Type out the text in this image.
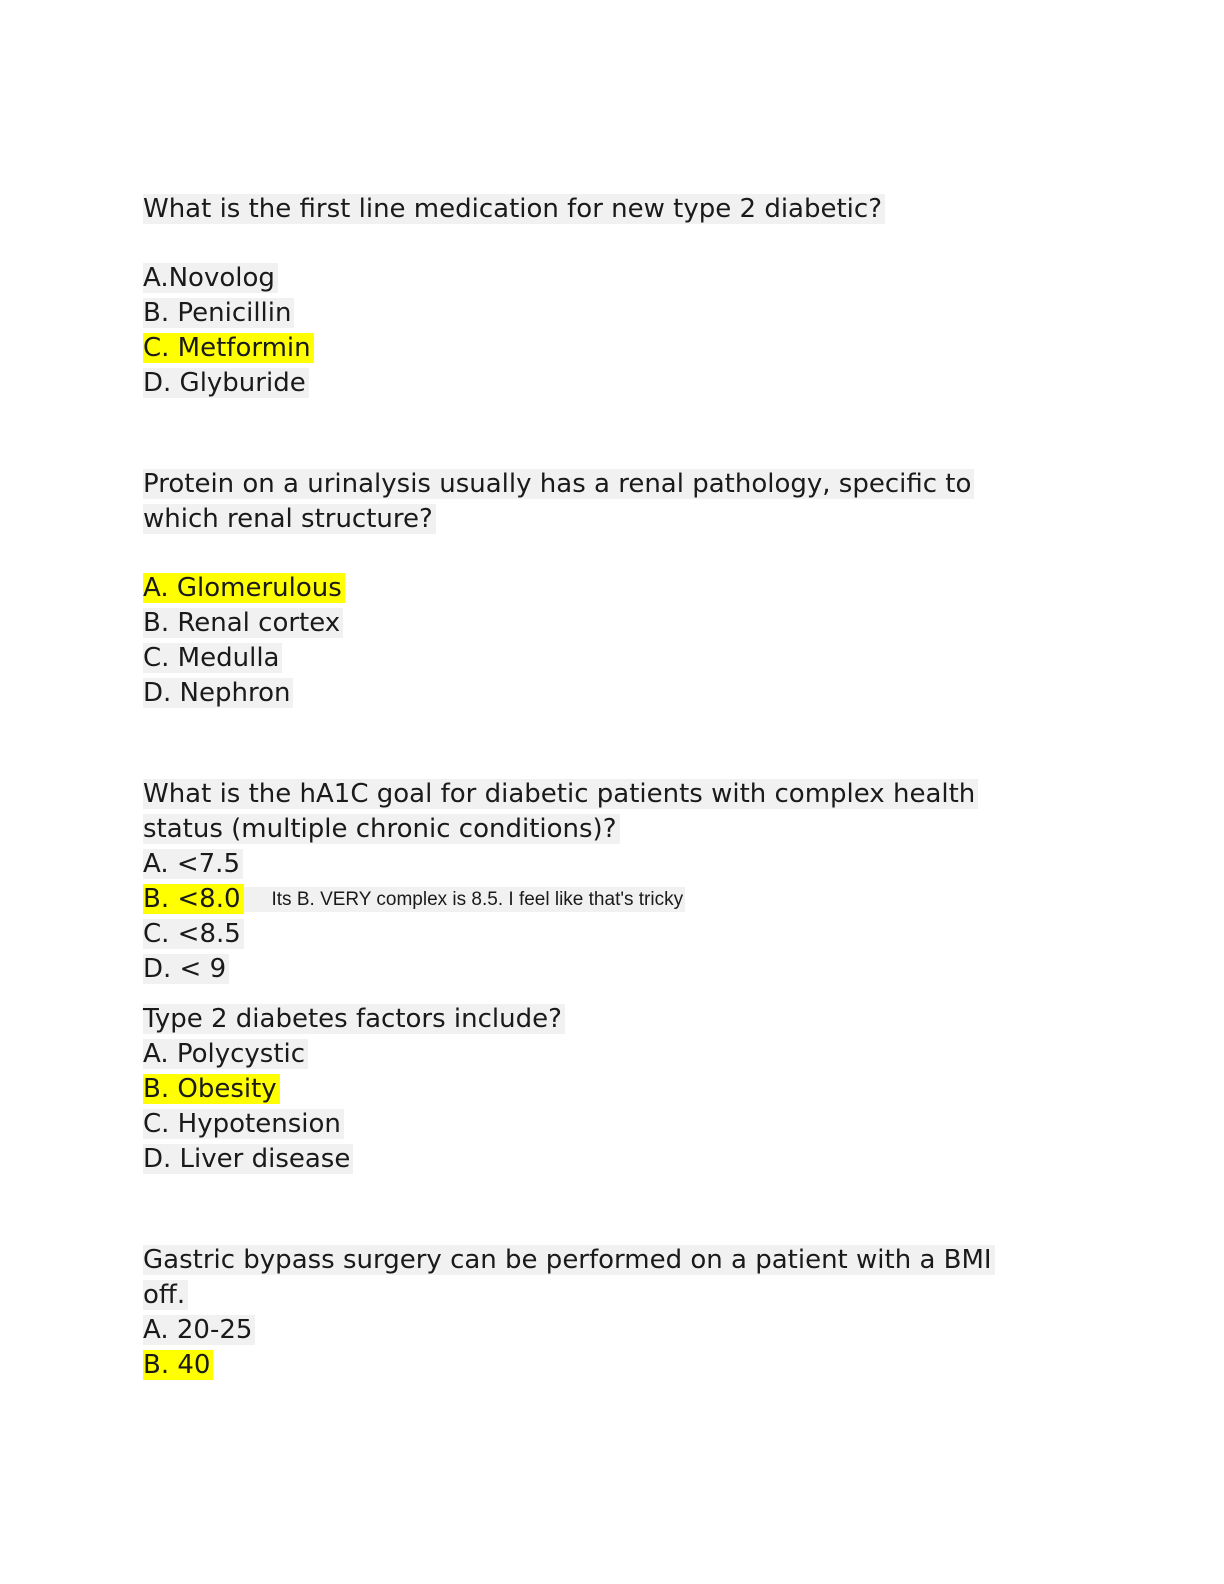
What is the first line medication for new type 2 diabetic?
A.Novolog
B. Penicillin
C. Metformin
D. Glyburide
Protein on a urinalysis usually has a renal pathology, specific to
which renal structure?
A. Glomerulous
B. Renal cortex
C. Medulla
D. Nephron
What is the hA1C goal for diabetic patients with complex health
status (multiple chronic conditions)?
A. <7.5
B. <8.0 Its B. VERY complex is 8.5. I feel like that's tricky
C. <8.5
D. < 9
Type 2 diabetes factors include?
A. Polycystic
B. Obesity
C. Hypotension
D. Liver disease
Gastric bypass surgery can be performed on a patient with a BMI
off.
A. 20-25
B. 40
